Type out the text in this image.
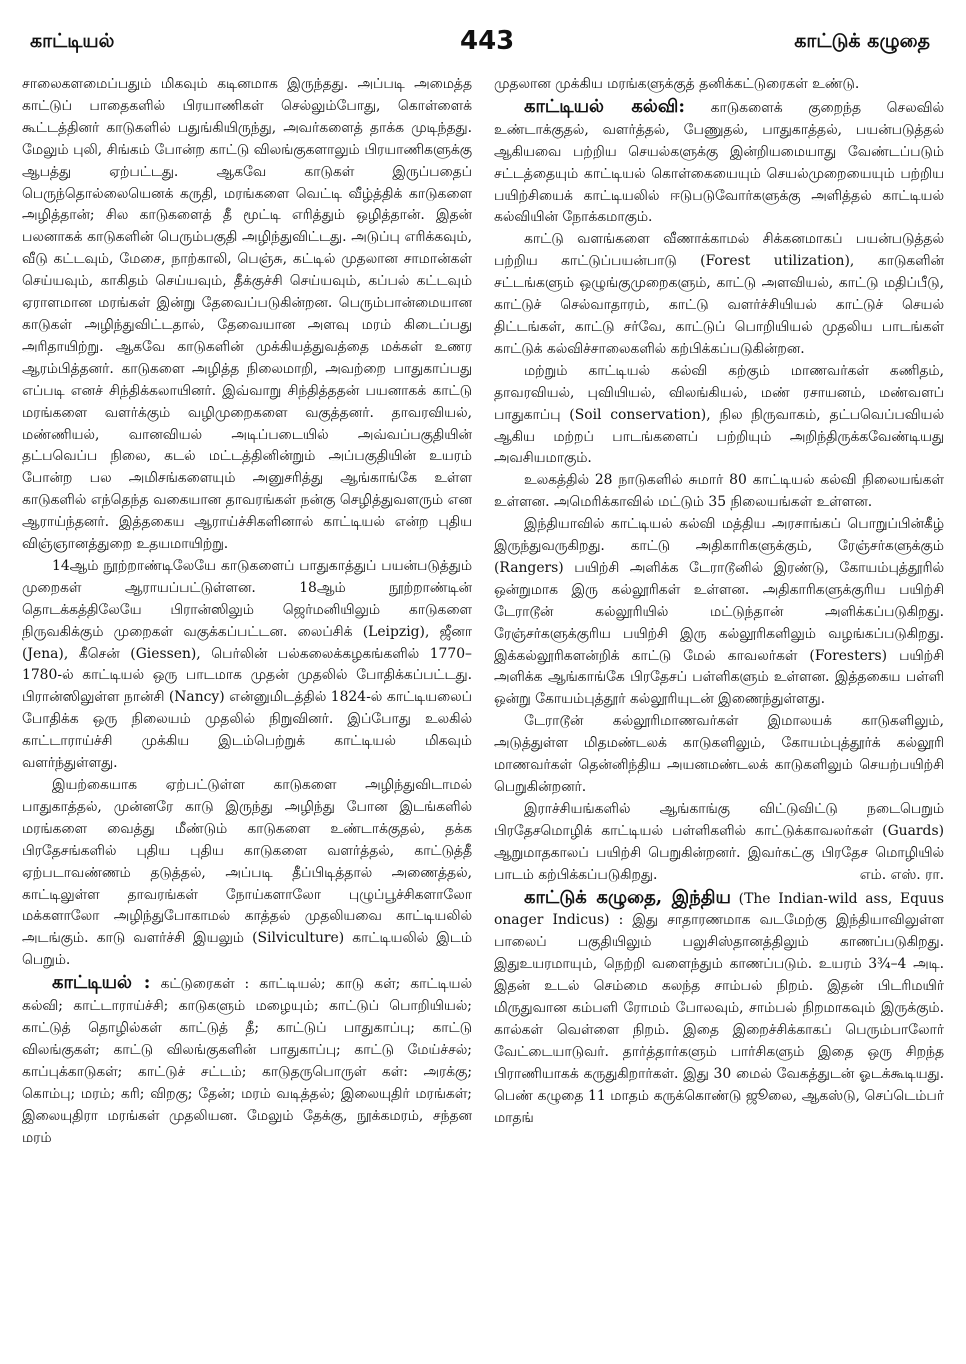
காட்டியல்	443	காட்டுக் கழுதை

சாலைகளமைப்பதும் மிகவும் கடினமாக இருந்தது. அப்படி அமைத்த காட்டுப் பாதைகளில் பிரயாணிகள் செல்லும்போது, கொள்ளைக் கூட்டத்தினர் காடுகளில் பதுங்கியிருந்து, அவர்களைத் தாக்க முடிந்தது. மேலும் புலி, சிங்கம் போன்ற காட்டு விலங்குகளாலும் பிரயாணிகளுக்கு ஆபத்து ஏற்பட்டது. ஆகவே காடுகள் இருப்பதைப் பெருந்தொல்லையெனக் கருதி, மரங்களை வெட்டி வீழ்த்திக் காடுகளை அழித்தான்; சில காடுகளைத் தீ மூட்டி எரித்தும் ஒழித்தான். இதன் பலனாகக் காடுகளின் பெரும்பகுதி அழிந்துவிட்டது. அடுப்பு எரிக்கவும், வீடு கட்டவும், மேசை, நாற்காலி, பெஞ்சு, கட்டில் முதலான சாமான்கள் செய்யவும், காகிதம் செய்யவும், தீக்குச்சி செய்யவும், கப்பல் கட்டவும் ஏராளமான மரங்கள் இன்று தேவைப்படுகின்றன. பெரும்பான்மையான காடுகள் அழிந்துவிட்டதால், தேவையான அளவு மரம் கிடைப்பது அரிதாயிற்று. ஆகவே காடுகளின் முக்கியத்துவத்தை மக்கள் உணர ஆரம்பித்தனர். காடுகளை அழித்த நிலைமாறி, அவற்றை பாதுகாப்பது எப்படி எனச் சிந்திக்கலாயினர். இவ்வாறு சிந்தித்ததன் பயனாகக் காட்டு மரங்களை வளர்க்கும் வழிமுறைகளை வகுத்தனர். தாவரவியல், மண்ணியல், வானவியல் அடிப்படையில் அவ்வப்பகுதியின் தட்பவெப்ப நிலை, கடல் மட்டத்தினின்றும் அப்பகுதியின் உயரம் போன்ற பல அமிசங்களையும் அனுசரித்து ஆங்காங்கே உள்ள காடுகளில் எந்தெந்த வகையான தாவரங்கள் நன்கு செழித்துவளரும் என ஆராய்ந்தனர். இத்தகைய ஆராய்ச்சிகளினால் காட்டியல் என்ற புதிய விஞ்ஞானத்துறை உதயமாயிற்று.

14ஆம் நூற்றாண்டிலேயே காடுகளைப் பாதுகாத்துப் பயன்படுத்தும் முறைகள் ஆராயப்பட்டுள்ளன. 18ஆம் நூற்றாண்டின் தொடக்கத்திலேயே பிரான்ஸிலும் ஜெர்மனியிலும் காடுகளை நிருவகிக்கும் முறைகள் வகுக்கப்பட்டன. லைப்சிக் (Leipzig), ஜீனா (Jena), கீசென் (Giessen), பெர்லின் பல்கலைக்கழகங்களில் 1770–1780-ல் காட்டியல் ஒரு பாடமாக முதன் முதலில் போதிக்கப்பட்டது. பிரான்ஸிலுள்ள நான்சி (Nancy) என்னுமிடத்தில் 1824-ல் காட்டியலைப் போதிக்க ஒரு நிலையம் முதலில் நிறுவினர். இப்போது உலகில் காட்டாராய்ச்சி முக்கிய இடம்பெற்றுக் காட்டியல் மிகவும் வளர்ந்துள்ளது.

இயற்கையாக ஏற்பட்டுள்ள காடுகளை அழிந்துவிடாமல் பாதுகாத்தல், முன்னரே காடு இருந்து அழிந்து போன இடங்களில் மரங்களை வைத்து மீண்டும் காடுகளை உண்டாக்குதல், தக்க பிரதேசங்களில் புதிய புதிய காடுகளை வளர்த்தல், காட்டுத்தீ ஏற்படாவண்ணம் தடுத்தல், அப்படி தீப்பிடித்தால் அணைத்தல், காட்டிலுள்ள தாவரங்கள் நோய்களாலோ புழுப்பூச்சிகளாலோ மக்களாலோ அழிந்துபோகாமல் காத்தல் முதலியவை காட்டியலில் அடங்கும். காடு வளர்ச்சி இயலும் (Silviculture) காட்டியலில் இடம் பெறும்.

காட்டியல் : கட்டுரைகள் : காட்டியல்; காடு கள்; காட்டியல் கல்வி; காட்டாராய்ச்சி; காடுகளும் மழையும்; காட்டுப் பொறியியல்; காட்டுத் தொழில்கள் காட்டுத் தீ; காட்டுப் பாதுகாப்பு; காட்டு விலங்குகள்; காட்டு விலங்குகளின் பாதுகாப்பு; காட்டு மேய்ச்சல்; காப்புக்காடுகள்; காட்டுச் சட்டம்; காடுதருபொருள் கள்: அரக்கு; கொம்பு; மரம்; கரி; விறகு; தேன்; மரம் வடித்தல்; இலையுதிர் மரங்கள்; இலையுதிரா மரங்கள் முதலியன. மேலும் தேக்கு, நூக்கமரம், சந்தன மரம்

முதலான முக்கிய மரங்களுக்குத் தனிக்கட்டுரைகள் உண்டு.

காட்டியல் கல்வி: காடுகளைக் குறைந்த செலவில் உண்டாக்குதல், வளர்த்தல், பேணுதல், பாதுகாத்தல், பயன்படுத்தல் ஆகியவை பற்றிய செயல்களுக்கு இன்றியமையாது வேண்டப்படும் சட்டத்தையும் காட்டியல் கொள்கையையும் செயல்முறையையும் பற்றிய பயிற்சியைக் காட்டியலில் ஈடுபடுவோர்களுக்கு அளித்தல் காட்டியல் கல்வியின் நோக்கமாகும்.

காட்டு வளங்களை வீணாக்காமல் சிக்கனமாகப் பயன்படுத்தல் பற்றிய காட்டுப்பயன்பாடு (Forest utilization), காடுகளின் சட்டங்களும் ஒழுங்குமுறைகளும், காட்டு அளவியல், காட்டு மதிப்பீடு, காட்டுச் செல்வாதாரம், காட்டு வளர்ச்சியியல் காட்டுச் செயல் திட்டங்கள், காட்டு சர்வே, காட்டுப் பொறியியல் முதலிய பாடங்கள் காட்டுக் கல்விச்சாலைகளில் கற்பிக்கப்படுகின்றன.

மற்றும் காட்டியல் கல்வி கற்கும் மாணவர்கள் கணிதம், தாவரவியல், புவியியல், விலங்கியல், மண் ரசாயனம், மண்வளப் பாதுகாப்பு (Soil conservation), நில நிருவாகம், தட்பவெப்பவியல் ஆகிய மற்றப் பாடங்களைப் பற்றியும் அறிந்திருக்கவேண்டியது அவசியமாகும்.

உலகத்தில் 28 நாடுகளில் சுமார் 80 காட்டியல் கல்வி நிலையங்கள் உள்ளன. அமெரிக்காவில் மட்டும் 35 நிலையங்கள் உள்ளன.

இந்தியாவில் காட்டியல் கல்வி மத்திய அரசாங்கப் பொறுப்பின்கீழ் இருந்துவருகிறது. காட்டு அதிகாரிகளுக்கும், ரேஞ்சர்களுக்கும் (Rangers) பயிற்சி அளிக்க டேராடூனில் இரண்டு, கோயம்புத்தூரில் ஒன்றுமாக இரு கல்லூரிகள் உள்ளன. அதிகாரிகளுக்குரிய பயிற்சி டேராடூன் கல்லூரியில் மட்டுந்தான் அளிக்கப்படுகிறது. ரேஞ்சர்களுக்குரிய பயிற்சி இரு கல்லூரிகளிலும் வழங்கப்படுகிறது. இக்கல்லூரிகளன்றிக் காட்டு மேல் காவலர்கள் (Foresters) பயிற்சி அளிக்க ஆங்காங்கே பிரதேசப் பள்ளிகளும் உள்ளன. இத்தகைய பள்ளி ஒன்று கோயம்புத்தூர் கல்லூரியுடன் இணைந்துள்ளது.

டேராடூன் கல்லூரிமாணவர்கள் இமாலயக் காடுகளிலும், அடுத்துள்ள மிதமண்டலக் காடுகளிலும், கோயம்புத்தூர்க் கல்லூரி மாணவர்கள் தென்னிந்திய அயனமண்டலக் காடுகளிலும் செயற்பயிற்சி பெறுகின்றனர்.

இராச்சியங்களில் ஆங்காங்கு விட்டுவிட்டு நடைபெறும் பிரதேசமொழிக் காட்டியல் பள்ளிகளில் காட்டுக்காவலர்கள் (Guards) ஆறுமாதகாலப் பயிற்சி பெறுகின்றனர். இவர்கட்கு பிரதேச மொழியில் பாடம் கற்பிக்கப்படுகிறது.	எம். எஸ். ரா.

காட்டுக் கழுதை, இந்திய (The Indian-wild ass, Equus onager Indicus) : இது சாதாரணமாக வடமேற்கு இந்தியாவிலுள்ள பாலைப் பகுதியிலும் பலுசிஸ்தானத்திலும் காணப்படுகிறது. இதுஉயரமாயும், நெற்றி வளைந்தும் காணப்படும். உயரம் 3¾–4 அடி. இதன் உடல் செம்மை கலந்த சாம்பல் நிறம். இதன் பிடரிமயிர் மிருதுவான கம்பளி ரோமம் போலவும், சாம்பல் நிறமாகவும் இருக்கும். கால்கள் வெள்ளை நிறம். இதை இறைச்சிக்காகப் பெரும்பாலோர் வேட்டையாடுவர். தார்த்தார்களும் பார்சிகளும் இதை ஒரு சிறந்த பிராணியாகக் கருதுகிறார்கள். இது 30 மைல் வேகத்துடன் ஓடக்கூடியது. பெண் கழுதை 11 மாதம் கருக்கொண்டு ஜூலை, ஆகஸ்டு, செப்டெம்பர் மாதங்
